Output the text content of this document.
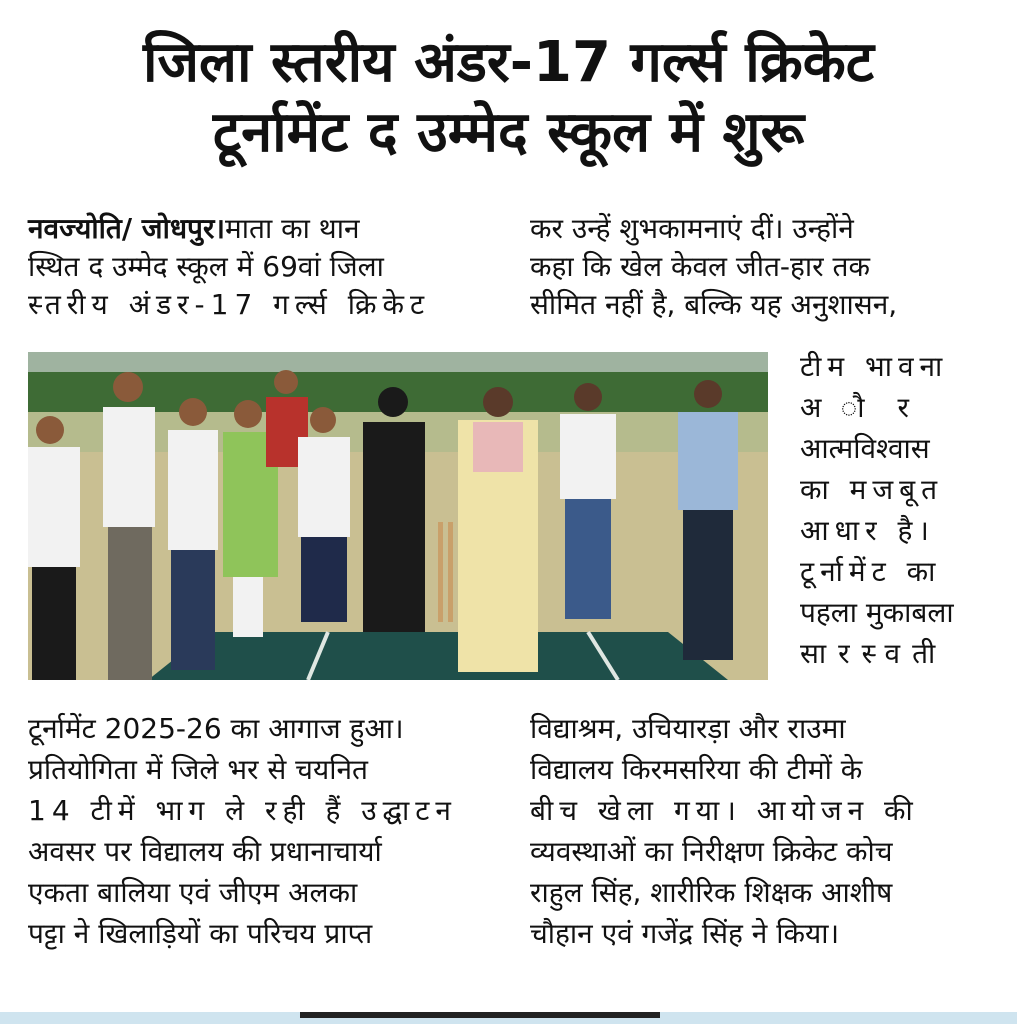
जिला स्तरीय अंडर-17 गर्ल्स क्रिकेट
टूर्नामेंट द उम्मेद स्कूल में शुरू

नवज्योति/ जोधपुर।माता का थान

स्थित द उम्मेद स्कूल में 69वां जिला

स्तरीय अंडर-17 गर्ल्स क्रिकेट

कर उन्हें शुभकामनाएं दीं। उन्होंने

कहा कि खेल केवल जीत-हार तक

सीमित नहीं है, बल्कि यह अनुशासन,

टीम भावना

अ ौ र

आत्मविश्वास

का मजबूत

आधार है।

टूर्नामेंट का

पहला मुकाबला

सारस्वती

टूर्नामेंट 2025-26 का आगाज हुआ।

प्रतियोगिता में जिले भर से चयनित

14 टीमें भाग ले रही हैं उद्घाटन

अवसर पर विद्यालय की प्रधानाचार्या

एकता बालिया एवं जीएम अलका

पट्टा ने खिलाड़ियों का परिचय प्राप्त

विद्याश्रम, उचियारड़ा और राउमा

विद्यालय किरमसरिया की टीमों के

बीच खेला गया। आयोजन की

व्यवस्थाओं का निरीक्षण क्रिकेट कोच

राहुल सिंह, शारीरिक शिक्षक आशीष

चौहान एवं गजेंद्र सिंह ने किया।
